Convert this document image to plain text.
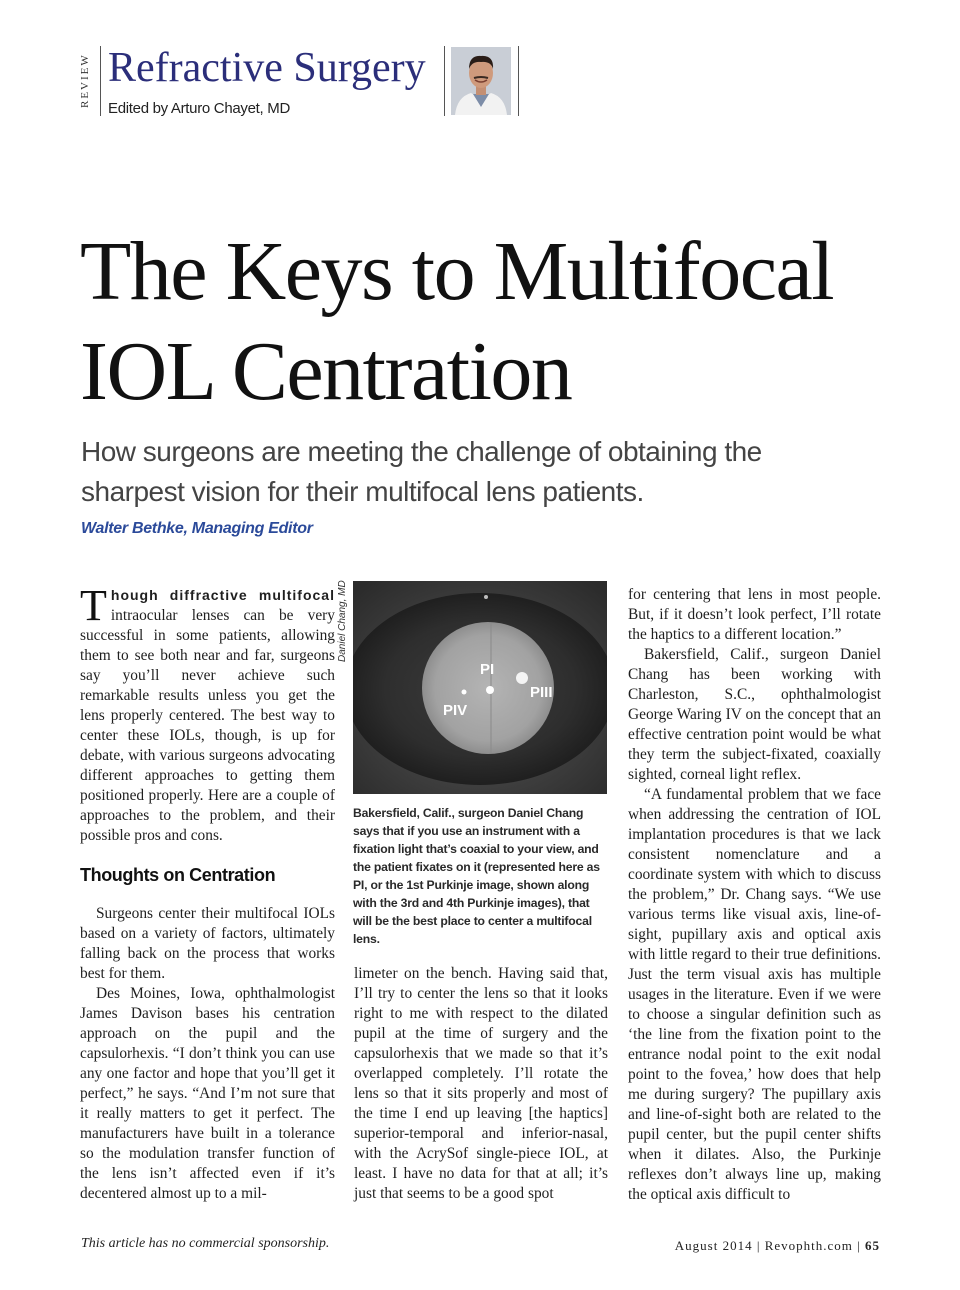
REVIEW Refractive Surgery
Edited by Arturo Chayet, MD
The Keys to Multifocal
IOL Centration
How surgeons are meeting the challenge of obtaining the
sharpest vision for their multifocal lens patients.
Walter Bethke, Managing Editor

Though diffractive multifocal intraocular lenses can be very successful in some patients, allowing them to see both near and far, surgeons say you’ll never achieve such remarkable results unless you get the lens properly centered. The best way to center these IOLs, though, is up for debate, with various surgeons advocating different approaches to getting them positioned properly. Here are a couple of approaches to the problem, and their possible pros and cons.

Thoughts on Centration

Surgeons center their multifocal IOLs based on a variety of factors, ultimately falling back on the process that works best for them.

Des Moines, Iowa, ophthalmologist James Davison bases his centration approach on the pupil and the capsulorhexis. “I don’t think you can use any one factor and hope that you’ll get it perfect,” he says. “And I’m not sure that it really matters to get it perfect. The manufacturers have built in a tolerance so the modulation transfer function of the lens isn’t affected even if it’s decentered almost up to a mil-

Daniel Chang, MD
PI
PIII
PIV
Bakersfield, Calif., surgeon Daniel Chang says that if you use an instrument with a fixation light that’s coaxial to your view, and the patient fixates on it (represented here as PI, or the 1st Purkinje image, shown along with the 3rd and 4th Purkinje images), that will be the best place to center a multifocal lens.

limeter on the bench. Having said that, I’ll try to center the lens so that it looks right to me with respect to the dilated pupil at the time of surgery and the capsulorhexis that we made so that it’s overlapped completely. I’ll rotate the lens so that it sits properly and most of the time I end up leaving [the haptics] superior-temporal and inferior-nasal, with the AcrySof single-piece IOL, at least. I have no data for that at all; it’s just that seems to be a good spot

for centering that lens in most people. But, if it doesn’t look perfect, I’ll rotate the haptics to a different location.”

Bakersfield, Calif., surgeon Daniel Chang has been working with Charleston, S.C., ophthalmologist George Waring IV on the concept that an effective centration point would be what they term the subject-fixated, coaxially sighted, corneal light reflex.

“A fundamental problem that we face when addressing the centration of IOL implantation procedures is that we lack consistent nomenclature and a coordinate system with which to discuss the problem,” Dr. Chang says. “We use various terms like visual axis, line-of-sight, pupillary axis and optical axis with little regard to their true definitions. Just the term visual axis has multiple usages in the literature. Even if we were to choose a singular definition such as ‘the line from the fixation point to the entrance nodal point to the exit nodal point to the fovea,’ how does that help me during surgery? The pupillary axis and line-of-sight both are related to the pupil center, but the pupil center shifts when it dilates. Also, the Purkinje reflexes don’t always line up, making the optical axis difficult to

This article has no commercial sponsorship.	August 2014 | Revophth.com | 65
